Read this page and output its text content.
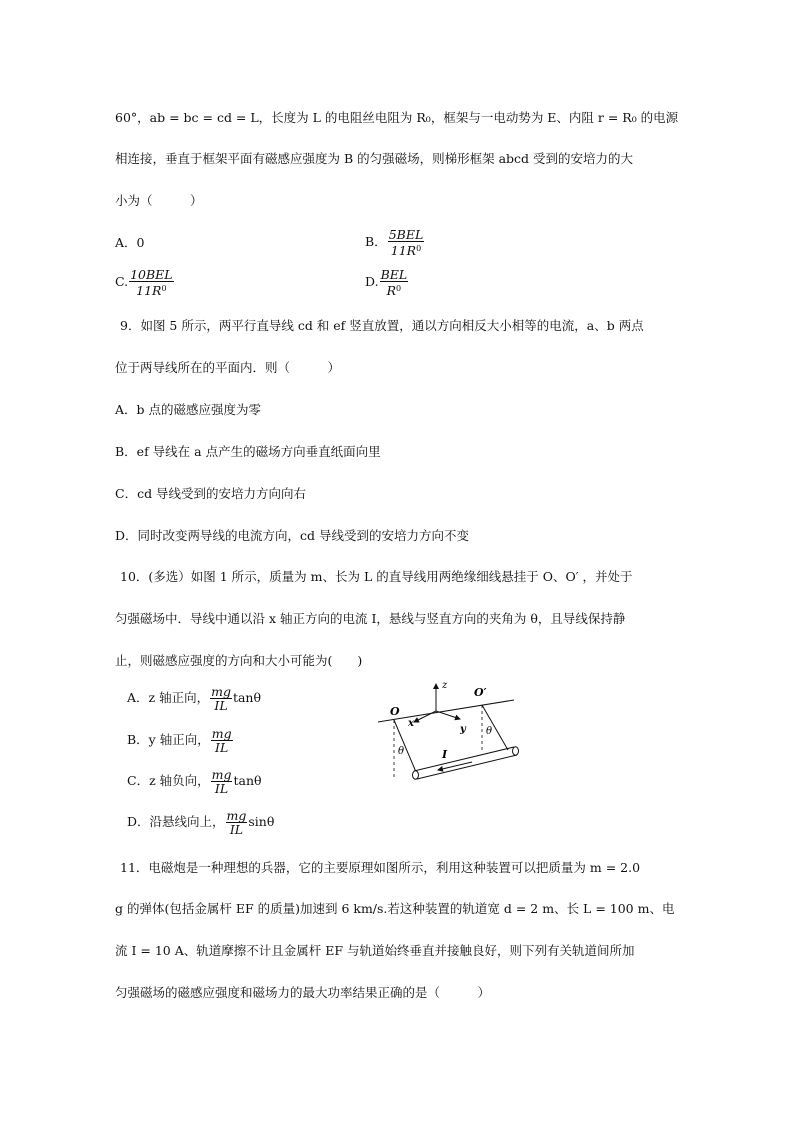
60°，ab = bc = cd = L，长度为 L 的电阻丝电阻为 R₀，框架与一电动势为 E、内阻 r = R₀ 的电源
相连接，垂直于框架平面有磁感应强度为 B 的匀强磁场，则梯形框架 abcd 受到的安培力的大
小为（　　　）
A．0	B． $\frac{\text{5BEL}}{11R^0}$
C. $\frac{\text{10BEL}}{11R^0}$	D. $\frac{\text{BEL}}{R^0}$
9．如图 5 所示，两平行直导线 cd 和 ef 竖直放置，通以方向相反大小相等的电流，a、b 两点
位于两导线所在的平面内．则（　　　）
A．b 点的磁感应强度为零
B．ef 导线在 a 点产生的磁场方向垂直纸面向里
C．cd 导线受到的安培力方向向右
D．同时改变两导线的电流方向，cd 导线受到的安培力方向不变
10．(多选）如图 1 所示，质量为 m、长为 L 的直导线用两绝缘细线悬挂于 O、O′ ，并处于
匀强磁场中．导线中通以沿 x 轴正方向的电流 I，悬线与竖直方向的夹角为 θ，且导线保持静
止，则磁感应强度的方向和大小可能为(　　)
A．z 轴正向， $\frac{mg}{IL}$ tanθ
B．y 轴正向， $\frac{mg}{IL}$
C．z 轴负向， $\frac{mg}{IL}$ tanθ
D．沿悬线向上， $\frac{mg}{IL}$ sinθ
O
O′
z
x
y
I
θ
θ
11．电磁炮是一种理想的兵器，它的主要原理如图所示，利用这种装置可以把质量为 m = 2.0
g 的弹体(包括金属杆 EF 的质量)加速到 6 km/s.若这种装置的轨道宽 d = 2 m、长 L = 100 m、电
流 I = 10 A、轨道摩擦不计且金属杆 EF 与轨道始终垂直并接触良好，则下列有关轨道间所加
匀强磁场的磁感应强度和磁场力的最大功率结果正确的是（　　　）
